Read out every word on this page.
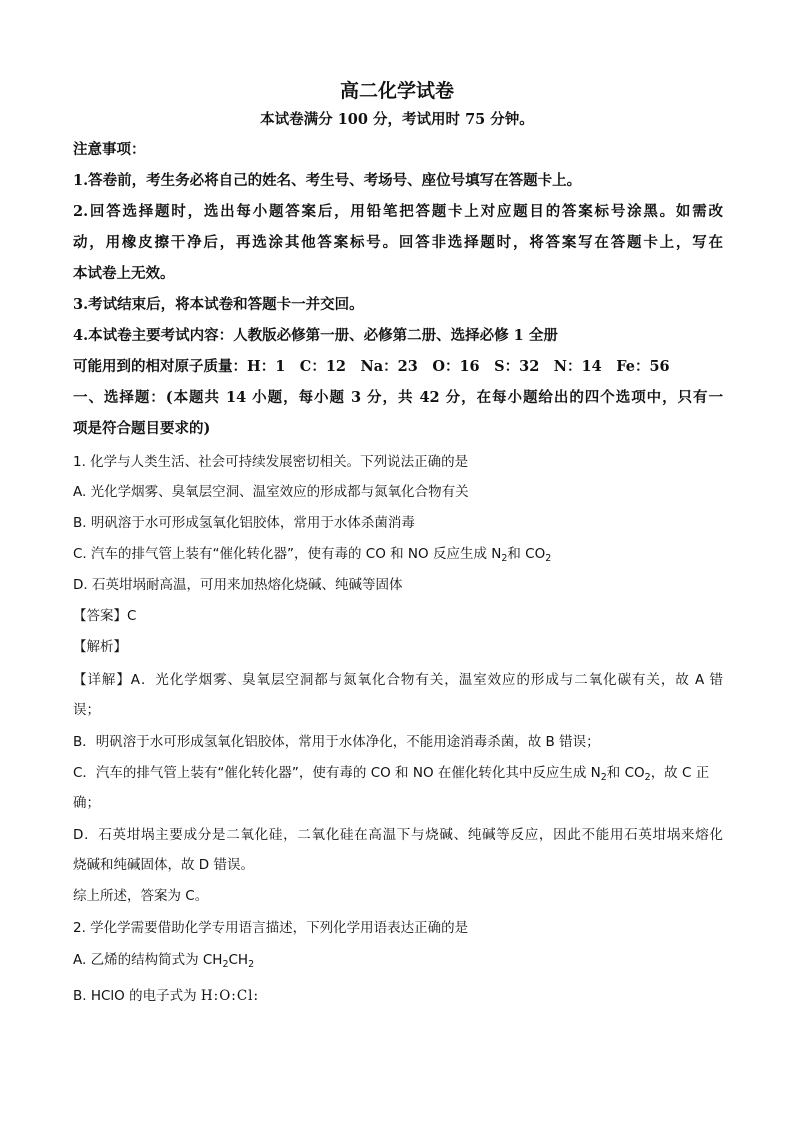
高二化学试卷
本试卷满分 100 分，考试用时 75 分钟。
注意事项：
1.答卷前，考生务必将自己的姓名、考生号、考场号、座位号填写在答题卡上。
2.回答选择题时，选出每小题答案后，用铅笔把答题卡上对应题目的答案标号涂黑。如需改
动，用橡皮擦干净后，再选涂其他答案标号。回答非选择题时，将答案写在答题卡上，写在
本试卷上无效。
3.考试结束后，将本试卷和答题卡一并交回。
4.本试卷主要考试内容：人教版必修第一册、必修第二册、选择必修 1 全册
可能用到的相对原子质量：H：1　C：12　Na：23　O：16　S：32　N：14　Fe：56
一、选择题：(本题共 14 小题，每小题 3 分，共 42 分，在每小题给出的四个选项中，只有一
项是符合题目要求的)
1. 化学与人类生活、社会可持续发展密切相关。下列说法正确的是
A. 光化学烟雾、臭氧层空洞、温室效应的形成都与氮氧化合物有关
B. 明矾溶于水可形成氢氧化铝胶体，常用于水体杀菌消毒
C. 汽车的排气管上装有“催化转化器”，使有毒的 CO 和 NO 反应生成 $N_2$和 $CO_2$
D. 石英坩埚耐高温，可用来加热熔化烧碱、纯碱等固体
【答案】C
【解析】
【详解】A．光化学烟雾、臭氧层空洞都与氮氧化合物有关，温室效应的形成与二氧化碳有关，故 A 错
误；
B．明矾溶于水可形成氢氧化铝胶体，常用于水体净化，不能用途消毒杀菌，故 B 错误；
C．汽车的排气管上装有“催化转化器”，使有毒的 CO 和 NO 在催化转化其中反应生成 $N_2$和 $CO_2$，故 C 正
确；
D．石英坩埚主要成分是二氧化硅，二氧化硅在高温下与烧碱、纯碱等反应，因此不能用石英坩埚来熔化
烧碱和纯碱固体，故 D 错误。
综上所述，答案为 C。
2. 学化学需要借助化学专用语言描述，下列化学用语表达正确的是
A. 乙烯的结构简式为 $CH_2CH_2$
B. HClO 的电子式为 H:O:Cl:
